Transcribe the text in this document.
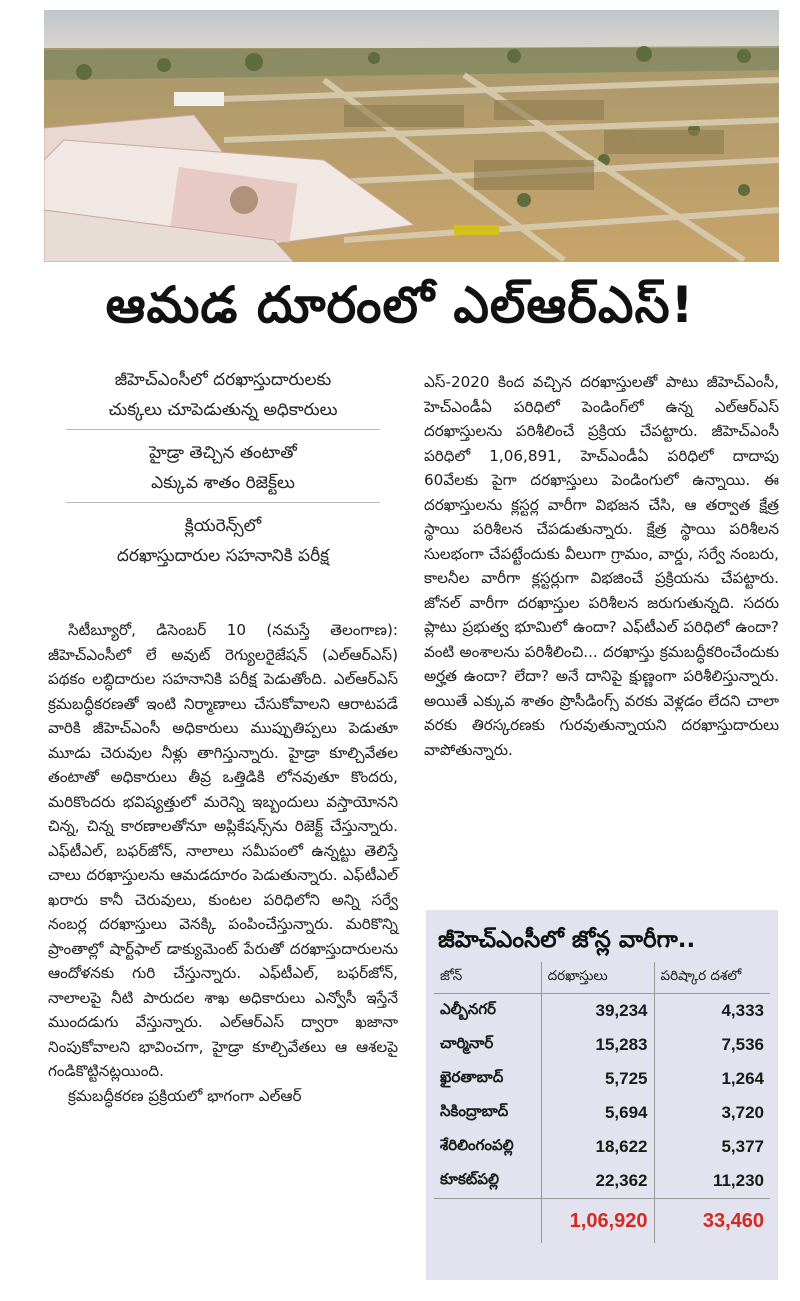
ఆమడ దూరంలో ఎల్‌ఆర్‌ఎస్‌!
జీహెచ్‌ఎంసీలో దరఖాస్తుదారులకు
చుక్కలు చూపెడుతున్న అధికారులు
హైడ్రా తెచ్చిన తంటాతో
ఎక్కువ శాతం రిజెక్ట్‌లు
క్లియరెన్స్‌లో
దరఖాస్తుదారుల సహనానికి పరీక్ష

సిటీబ్యూరో, డిసెంబర్‌ 10 (నమస్తే తెలంగాణ): జీహెచ్‌ఎంసీలో లే అవుట్‌ రెగ్యులరైజేషన్‌ (ఎల్‌ఆర్‌ఎస్‌) పథకం లబ్ధిదారుల సహనానికి పరీక్ష పెడుతోంది. ఎల్‌ఆర్‌ఎస్‌ క్రమబద్ధీకరణతో ఇంటి నిర్మాణాలు చేసుకోవాలని ఆరాటపడే వారికి జీహెచ్‌ఎంసీ అధికారులు ముప్పుతిప్పలు పెడుతూ మూడు చెరువుల నీళ్లు తాగిస్తున్నారు. హైడ్రా కూల్చివేతల తంటాతో అధికారులు తీవ్ర ఒత్తిడికి లోనవుతూ కొందరు, మరికొందరు భవిష్యత్తులో మరెన్ని ఇబ్బందులు వస్తాయోనని చిన్న, చిన్న కారణాలతోనూ అప్లికేషన్స్‌ను రిజెక్ట్‌ చేస్తున్నారు. ఎఫ్‌టీఎల్‌, బఫర్‌జోన్‌, నాలాలు సమీపంలో ఉన్నట్టు తెలిస్తే చాలు దరఖాస్తులను ఆమడదూరం పెడుతున్నారు. ఎఫ్‌టీఎల్‌ ఖరారు కానీ చెరువులు, కుంటల పరిధిలోని అన్ని సర్వే నంబర్ల దరఖాస్తులు వెనక్కి పంపించేస్తున్నారు. మరికొన్ని ప్రాంతాల్లో షార్ట్‌ఫాల్‌ డాక్యుమెంట్‌ పేరుతో దరఖాస్తుదారులను ఆందోళనకు గురి చేస్తున్నారు. ఎఫ్‌టీఎల్‌, బఫర్‌జోన్‌, నాలాలపై నీటి పారుదల శాఖ అధికారులు ఎన్వోసీ ఇస్తేనే ముందడుగు వేస్తున్నారు. ఎల్‌ఆర్‌ఎస్‌ ద్వారా ఖజానా నింపుకోవాలని భావించగా, హైడ్రా కూల్చివేతలు ఆ ఆశలపై గండికొట్టినట్లయింది.

క్రమబద్ధీకరణ ప్రక్రియలో భాగంగా ఎల్‌ఆర్‌

ఎస్‌-2020 కింద వచ్చిన దరఖాస్తులతో పాటు జీహెచ్‌ఎంసీ, హెచ్‌ఎండీఏ పరిధిలో పెండింగ్‌లో ఉన్న ఎల్‌ఆర్‌ఎస్‌ దరఖాస్తులను పరిశీలించే ప్రక్రియ చేపట్టారు. జీహెచ్‌ఎంసీ పరిధిలో 1,06,891, హెచ్‌ఎండీఏ పరిధిలో దాదాపు 60వేలకు పైగా దరఖాస్తులు పెండింగులో ఉన్నాయి. ఈ దరఖాస్తులను క్లస్టర్ల వారీగా విభజన చేసి, ఆ తర్వాత క్షేత్ర స్థాయి పరిశీలన చేపడుతున్నారు. క్షేత్ర స్థాయి పరిశీలన సులభంగా చేపట్టేందుకు వీలుగా గ్రామం, వార్డు, సర్వే నంబరు, కాలనీల వారీగా క్లస్టర్లుగా విభజించే ప్రక్రియను చేపట్టారు. జోనల్‌ వారీగా దరఖాస్తుల పరిశీలన జరుగుతున్నది. సదరు ప్లాటు ప్రభుత్వ భూమిలో ఉందా? ఎఫ్‌టీఎల్‌ పరిధిలో ఉందా? వంటి అంశాలను పరిశీలించి... దరఖాస్తు క్రమబద్ధీకరించేందుకు అర్హత ఉందా? లేదా? అనే దానిపై క్షుణ్ణంగా పరిశీలిస్తున్నారు. అయితే ఎక్కువ శాతం ప్రొసీడింగ్స్‌ వరకు వెళ్లడం లేదని చాలా వరకు తిరస్కరణకు గురవుతున్నాయని దరఖాస్తుదారులు వాపోతున్నారు.

జీహెచ్‌ఎంసీలో జోన్ల వారీగా..
జోన్‌	దరఖాస్తులు	పరిష్కార దశలో
ఎల్బీనగర్‌	39,234	4,333
చార్మినార్‌	15,283	7,536
ఖైరతాబాద్‌	5,725	1,264
సికింద్రాబాద్‌	5,694	3,720
శేరిలింగంపల్లి	18,622	5,377
కూకట్‌పల్లి	22,362	11,230
	1,06,920	33,460
